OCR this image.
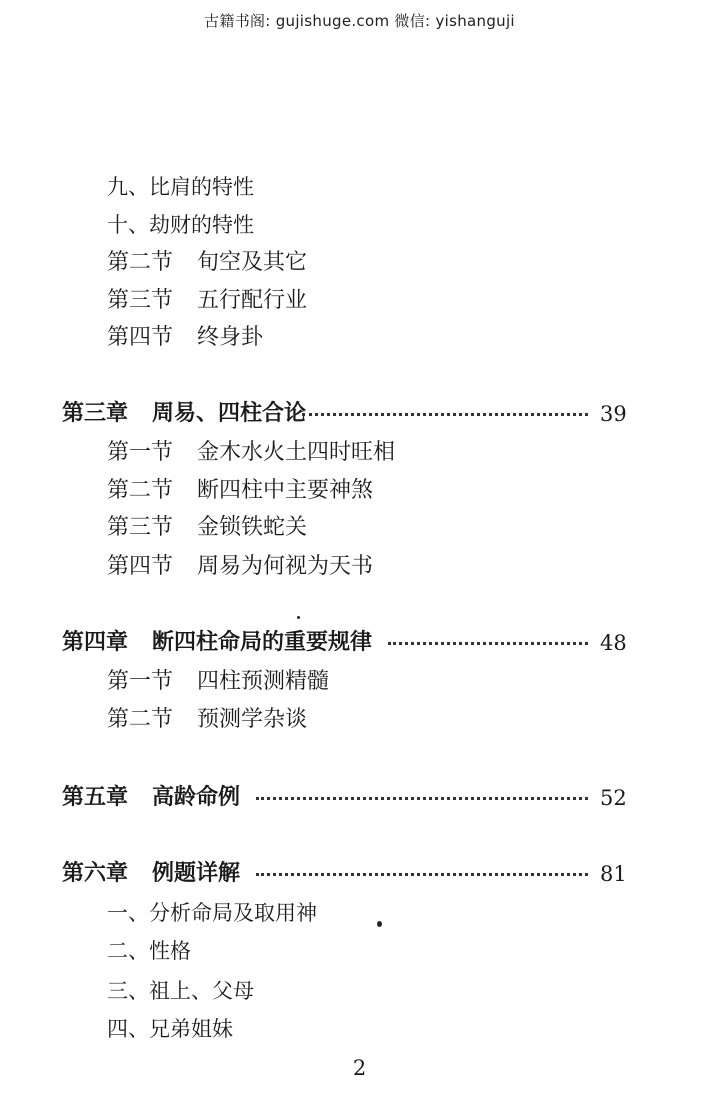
古籍书阁: gujishuge.com 微信: yishanguji
九、比肩的特性
十、劫财的特性
第二节 旬空及其它
第三节 五行配行业
第四节 终身卦
第三章 周易、四柱合论	39
第一节 金木水火土四时旺相
第二节 断四柱中主要神煞
第三节 金锁铁蛇关
第四节 周易为何视为天书
第四章 断四柱命局的重要规律	48
第一节 四柱预测精髓
第二节 预测学杂谈
第五章 高龄命例	52
第六章 例题详解	81
一、分析命局及取用神
二、性格
三、祖上、父母
四、兄弟姐妹
2
